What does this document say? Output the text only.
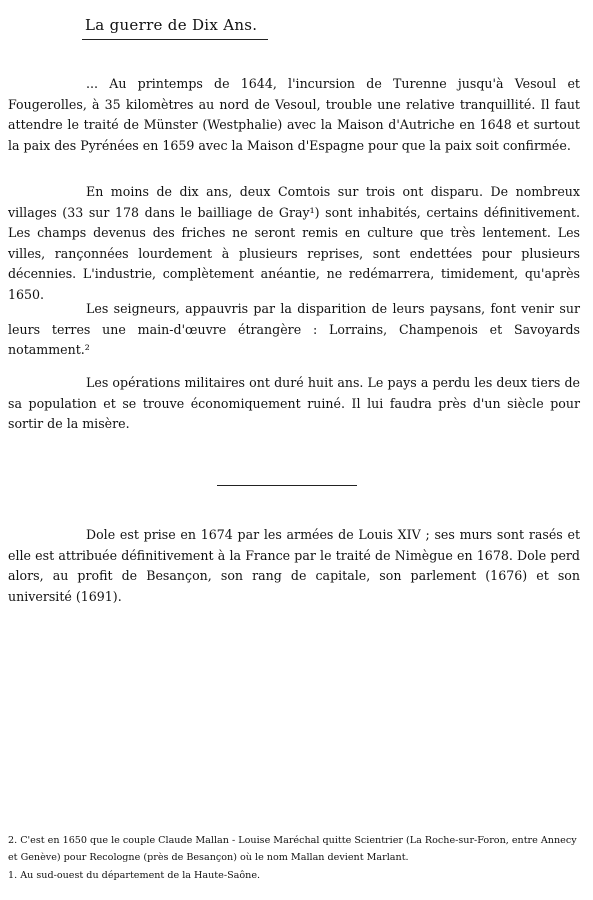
La guerre de Dix Ans.

... Au printemps de 1644, l'incursion de Turenne jusqu'à Vesoul et Fougerolles, à 35 kilomètres au nord de Vesoul, trouble une relative tranquillité. Il faut attendre le traité de Münster (Westphalie) avec la Maison d'Autriche en 1648 et surtout la paix des Pyrénées en 1659 avec la Maison d'Espagne pour que la paix soit confirmée.

En moins de dix ans, deux Comtois sur trois ont disparu. De nombreux villages (33 sur 178 dans le bailliage de Gray¹) sont inhabités, certains définitivement. Les champs devenus des friches ne seront remis en culture que très lentement. Les villes, rançonnées lourdement à plusieurs reprises, sont endettées pour plusieurs décennies. L'industrie, complètement anéantie, ne redémarrera, timidement, qu'après 1650.

Les seigneurs, appauvris par la disparition de leurs paysans, font venir sur leurs terres une main-d'œuvre étrangère : Lorrains, Champenois et Savoyards notamment.²

Les opérations militaires ont duré huit ans. Le pays a perdu les deux tiers de sa population et se trouve économiquement ruiné. Il lui faudra près d'un siècle pour sortir de la misère.

Dole est prise en 1674 par les armées de Louis XIV ; ses murs sont rasés et elle est attribuée définitivement à la France par le traité de Nimègue en 1678. Dole perd alors, au profit de Besançon, son rang de capitale, son parlement (1676) et son université (1691).

2. C'est en 1650 que le couple Claude Mallan - Louise Maréchal quitte Scientrier (La Roche-sur-Foron, entre Annecy et Genève) pour Recologne (près de Besançon) où le nom Mallan devient Marlant.

1. Au sud-ouest du département de la Haute-Saône.
